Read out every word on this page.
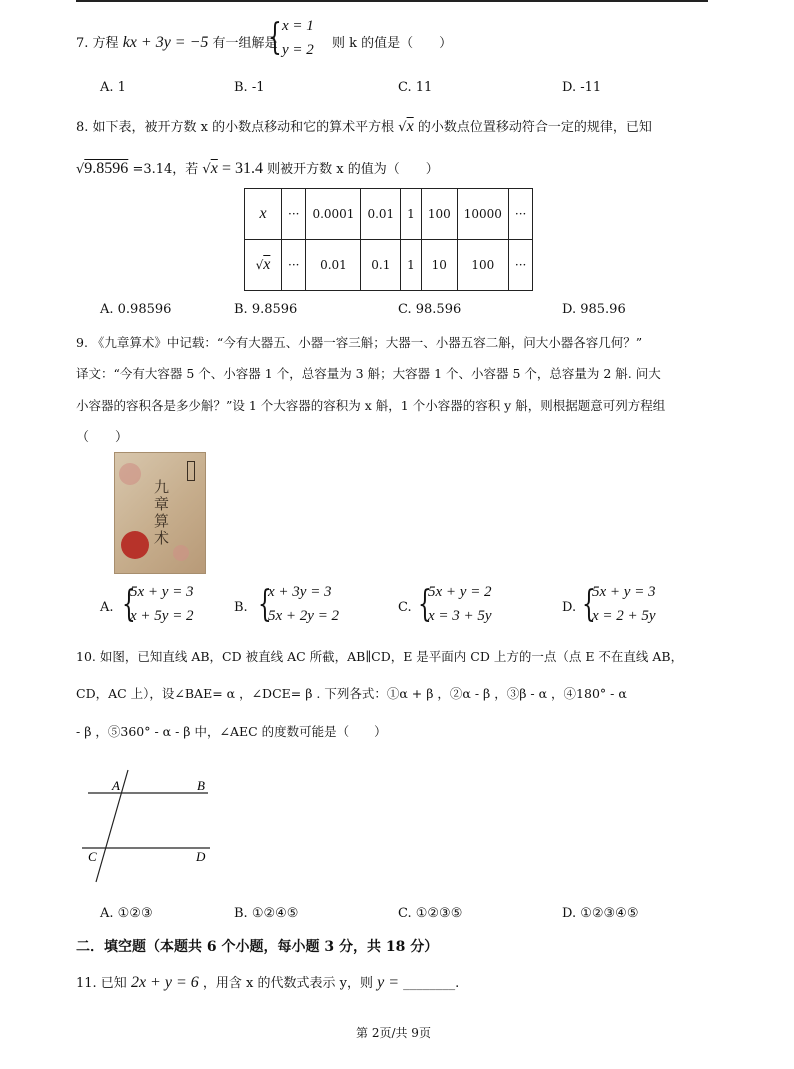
7. 方程 kx + 3y = −5 有一组解是
{ x = 1
y = 2 则 k 的值是（　　）
A. 1	B. -1	C. 11	D. -11
8. 如下表，被开方数 x 的小数点移动和它的算术平方根 √x 的小数点位置移动符合一定的规律，已知
√9.8596 =3.14，若 √x = 31.4 则被开方数 x 的值为（　　）
x	···	0.0001	0.01	1	100	10000	···
√x	···	0.01	0.1	1	10	100	···
A. 0.98596	B. 9.8596	C. 98.596	D. 985.96
9. 《九章算术》中记载：“今有大器五、小器一容三斛；大器一、小器五容二斛，问大小器各容几何？”
译文：“今有大容器 5 个、小容器 1 个，总容量为 3 斛；大容器 1 个、小容器 5 个，总容量为 2 斛. 问大
小容器的容积各是多少斛？”设 1 个大容器的容积为 x 斛，1 个小容器的容积 y 斛，则根据题意可列方程组
（　　）
九章算术
A. {
5x + y = 3
x + 5y = 2
B. {
x + 3y = 3
5x + 2y = 2
C. {
5x + y = 2
x = 3 + 5y
D. {
5x + y = 3
x = 2 + 5y
10. 如图，已知直线 AB，CD 被直线 AC 所截，AB∥CD，E 是平面内 CD 上方的一点（点 E 不在直线 AB，
CD，AC 上），设∠BAE= α ，∠DCE= β . 下列各式：①α + β ，②α - β ，③β - α ，④180° - α
- β ，⑤360° - α - β 中，∠AEC 的度数可能是（　　）
A	B
C	D
A. ①②③	B. ①②④⑤	C. ①②③⑤	D. ①②③④⑤
二．填空题（本题共 6 个小题，每小题 3 分，共 18 分）
11. 已知 2x + y = 6 ，用含 x 的代数式表示 y，则 y = ________.
第 2页/共 9页
